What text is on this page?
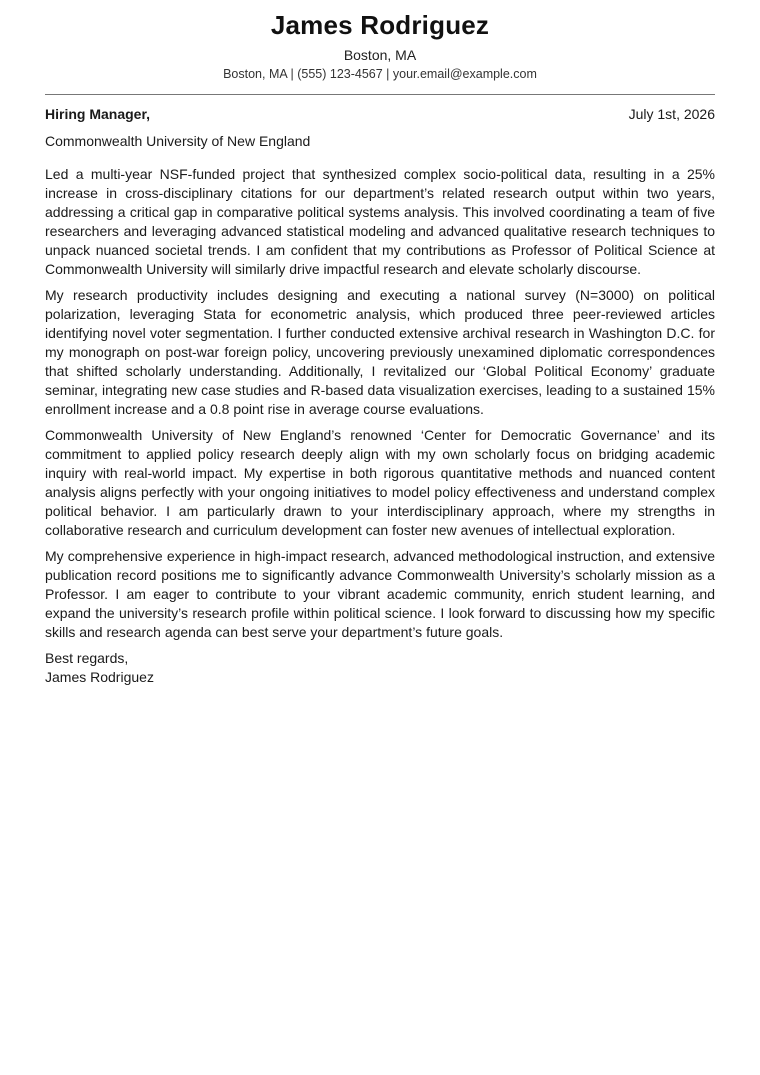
James Rodriguez
Boston, MA
Boston, MA | (555) 123-4567 | your.email@example.com
Hiring Manager,	July 1st, 2026
Commonwealth University of New England

Led a multi-year NSF-funded project that synthesized complex socio-political data, resulting in a 25% increase in cross-disciplinary citations for our department’s related research output within two years, addressing a critical gap in comparative political systems analysis. This involved coordinating a team of five researchers and leveraging advanced statistical modeling and advanced qualitative research techniques to unpack nuanced societal trends. I am confident that my contributions as Professor of Political Science at Commonwealth University will similarly drive impactful research and elevate scholarly discourse.

My research productivity includes designing and executing a national survey (N=3000) on political polarization, leveraging Stata for econometric analysis, which produced three peer-reviewed articles identifying novel voter segmentation. I further conducted extensive archival research in Washington D.C. for my monograph on post-war foreign policy, uncovering previously unexamined diplomatic correspondences that shifted scholarly understanding. Additionally, I revitalized our ‘Global Political Economy’ graduate seminar, integrating new case studies and R-based data visualization exercises, leading to a sustained 15% enrollment increase and a 0.8 point rise in average course evaluations.

Commonwealth University of New England’s renowned ‘Center for Democratic Governance’ and its commitment to applied policy research deeply align with my own scholarly focus on bridging academic inquiry with real-world impact. My expertise in both rigorous quantitative methods and nuanced content analysis aligns perfectly with your ongoing initiatives to model policy effectiveness and understand complex political behavior. I am particularly drawn to your interdisciplinary approach, where my strengths in collaborative research and curriculum development can foster new avenues of intellectual exploration.

My comprehensive experience in high-impact research, advanced methodological instruction, and extensive publication record positions me to significantly advance Commonwealth University’s scholarly mission as a Professor. I am eager to contribute to your vibrant academic community, enrich student learning, and expand the university’s research profile within political science. I look forward to discussing how my specific skills and research agenda can best serve your department’s future goals.

Best regards,
James Rodriguez
